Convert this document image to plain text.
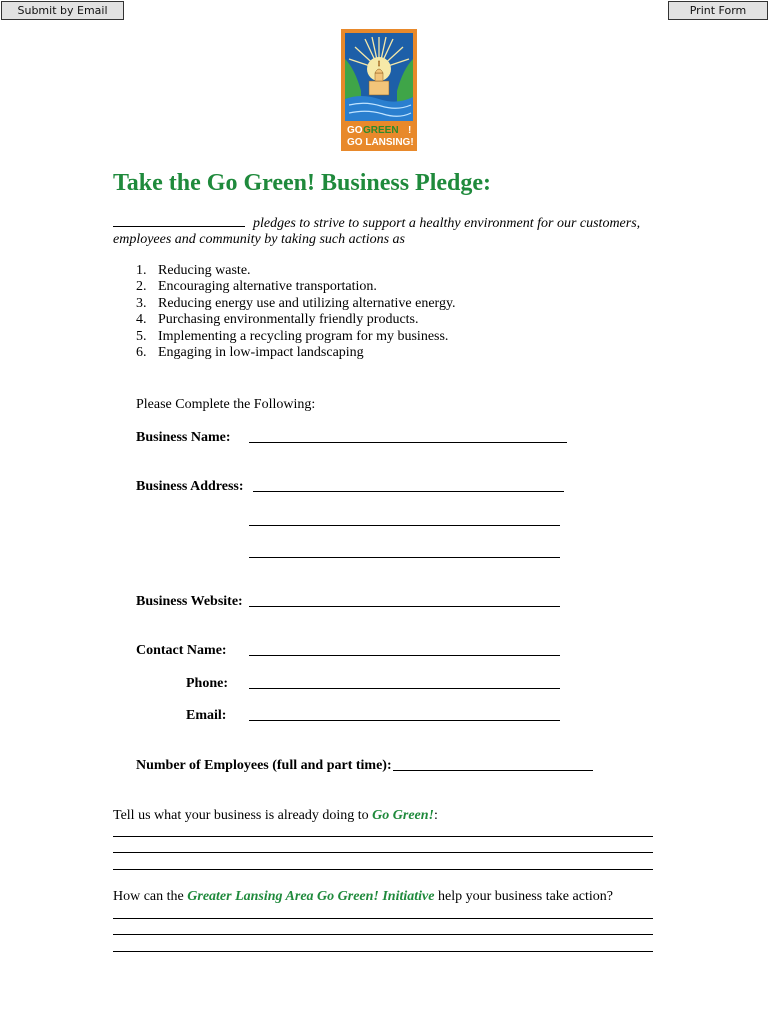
Submit by Email	Print Form
GO GREEN !
GO LANSING!
Take the Go Green! Business Pledge:
pledges to strive to support a healthy environment for our customers, employees and community by taking such actions as
1. Reducing waste.
2. Encouraging alternative transportation.
3. Reducing energy use and utilizing alternative energy.
4. Purchasing environmentally friendly products.
5. Implementing a recycling program for my business.
6. Engaging in low-impact landscaping
Please Complete the Following:
Business Name:
Business Address:
Business Website:
Contact Name:
Phone:
Email:
Number of Employees (full and part time):
Tell us what your business is already doing to Go Green!:
How can the Greater Lansing Area Go Green! Initiative help your business take action?
